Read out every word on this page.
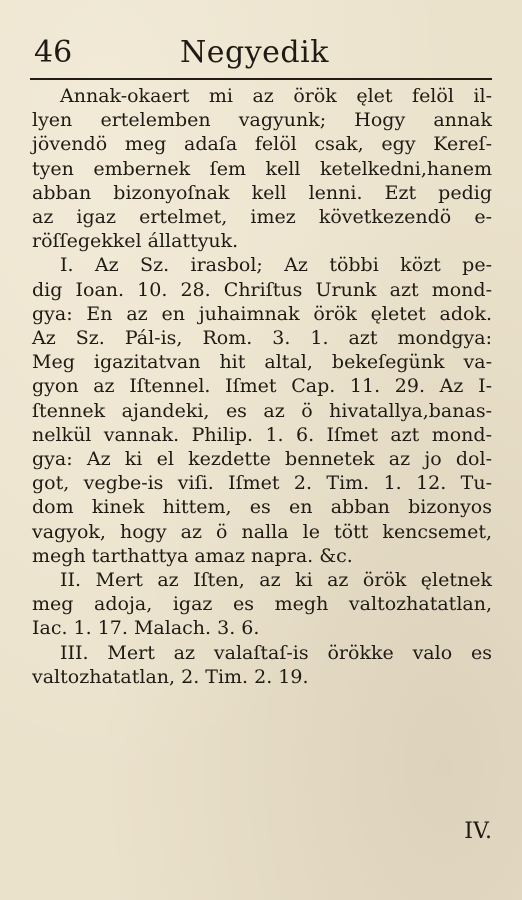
46	Negyedik
Annak-okaert mi az örök ęlet felöl il-
lyen ertelemben vagyunk; Hogy annak
jövendö meg adaſa felöl csak, egy Kereſ-
tyen embernek ſem kell ketelkedni,hanem
abban bizonyoſnak kell lenni. Ezt pedig
az igaz ertelmet, imez következendö e-
röſſegekkel állattyuk.
I. Az Sz. irasbol; Az többi közt pe-
dig Ioan. 10. 28. Chriſtus Urunk azt mond-
gya: En az en juhaimnak örök ęletet adok.
Az Sz. Pál-is, Rom. 3. 1. azt mondgya:
Meg igazitatvan hit altal, bekeſegünk va-
gyon az Iſtennel. Iſmet Cap. 11. 29. Az I-
ſtennek ajandeki, es az ö hivatallya,banas-
nelkül vannak. Philip. 1. 6. Iſmet azt mond-
gya: Az ki el kezdette bennetek az jo dol-
got, vegbe-is viſi. Iſmet 2. Tim. 1. 12. Tu-
dom kinek hittem, es en abban bizonyos
vagyok, hogy az ö nalla le tött kencsemet,
megh tarthattya amaz napra. &c.
II. Mert az Iſten, az ki az örök ęletnek
meg adoja, igaz es megh valtozhatatlan,
Iac. 1. 17. Malach. 3. 6.
III. Mert az valaſtaſ-is örökke valo es
valtozhatatlan, 2. Tim. 2. 19.
IV.
